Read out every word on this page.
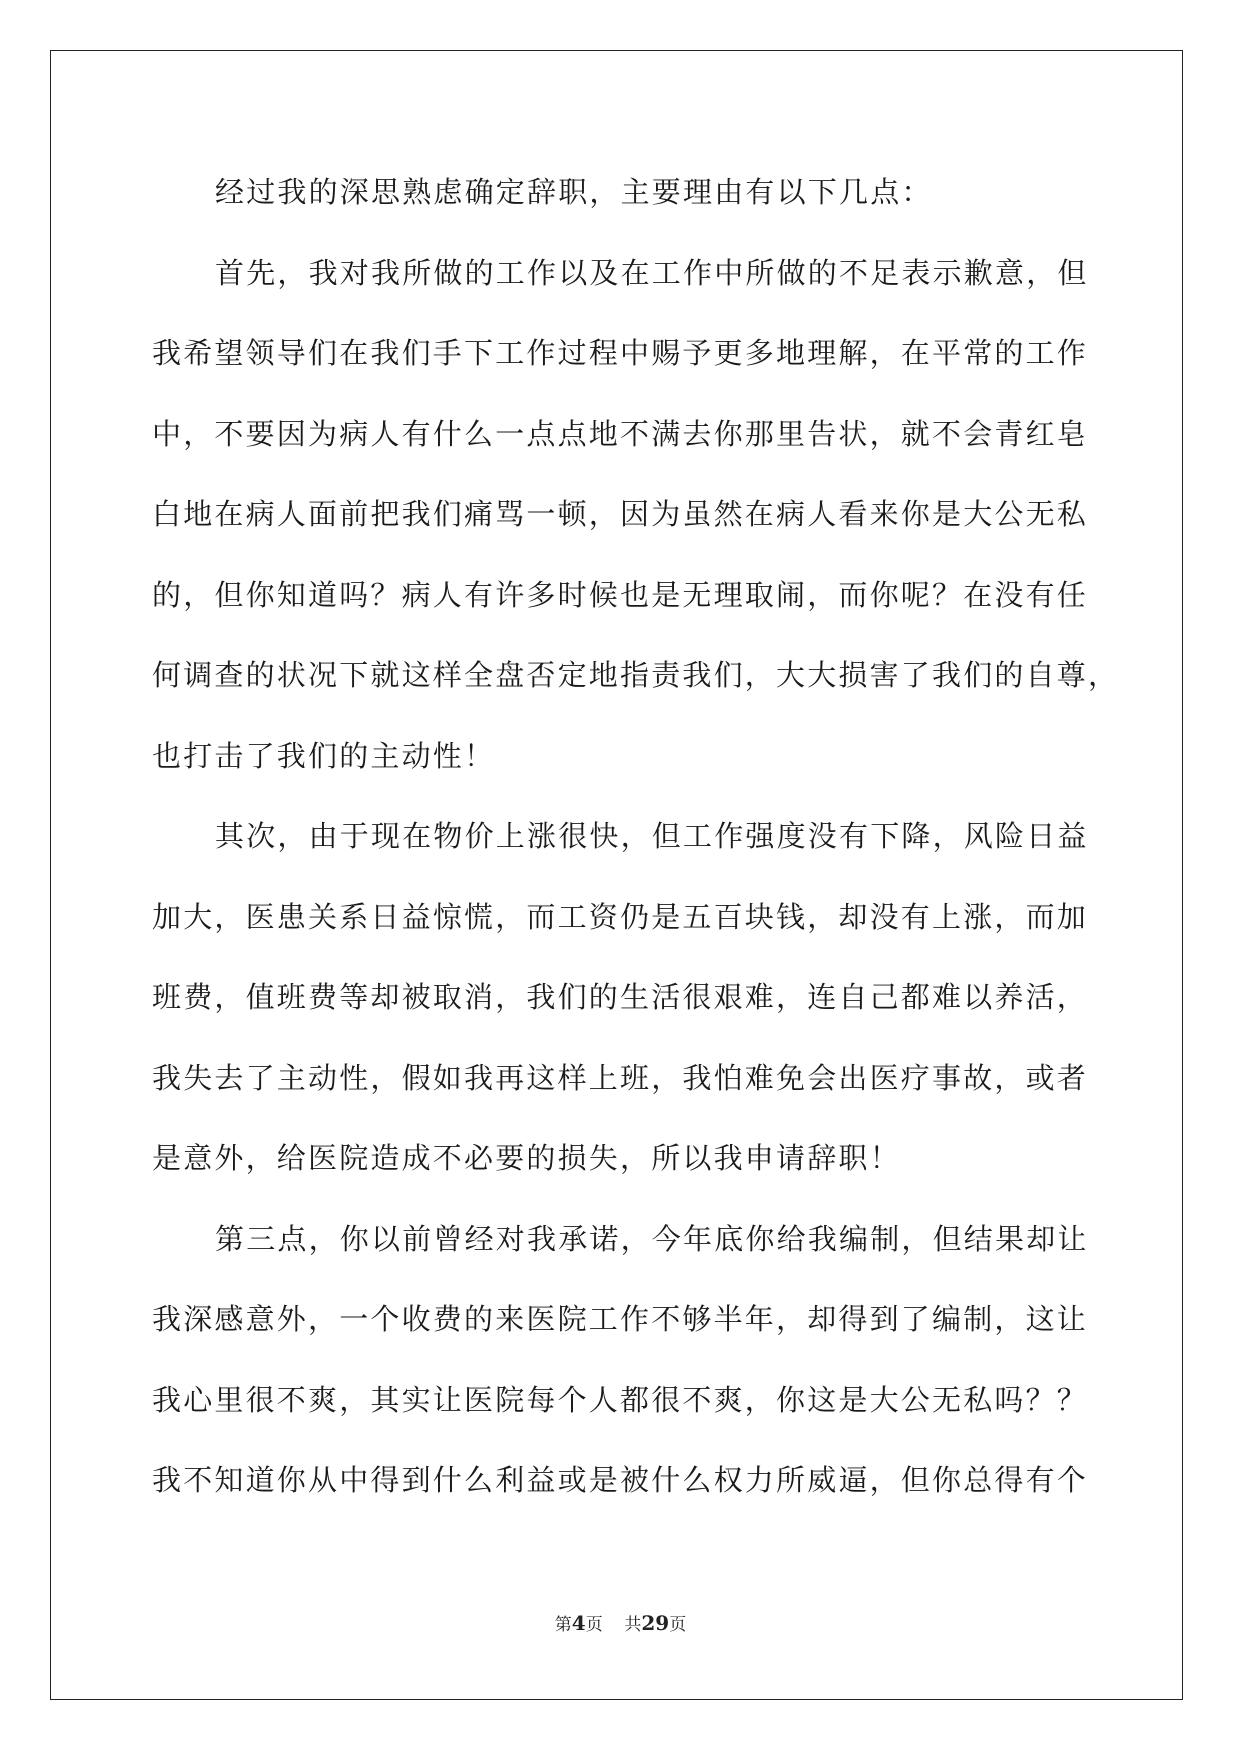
经过我的深思熟虑确定辞职，主要理由有以下几点：
首先，我对我所做的工作以及在工作中所做的不足表示歉意，但
我希望领导们在我们手下工作过程中赐予更多地理解，在平常的工作
中，不要因为病人有什么一点点地不满去你那里告状，就不会青红皂
白地在病人面前把我们痛骂一顿，因为虽然在病人看来你是大公无私
的，但你知道吗？病人有许多时候也是无理取闹，而你呢？在没有任
何调查的状况下就这样全盘否定地指责我们，大大损害了我们的自尊，
也打击了我们的主动性！
其次，由于现在物价上涨很快，但工作强度没有下降，风险日益
加大，医患关系日益惊慌，而工资仍是五百块钱，却没有上涨，而加
班费，值班费等却被取消，我们的生活很艰难，连自己都难以养活，
我失去了主动性，假如我再这样上班，我怕难免会出医疗事故，或者
是意外，给医院造成不必要的损失，所以我申请辞职！
第三点，你以前曾经对我承诺，今年底你给我编制，但结果却让
我深感意外，一个收费的来医院工作不够半年，却得到了编制，这让
我心里很不爽，其实让医院每个人都很不爽，你这是大公无私吗？？
我不知道你从中得到什么利益或是被什么权力所威逼，但你总得有个
第4页 共29页
